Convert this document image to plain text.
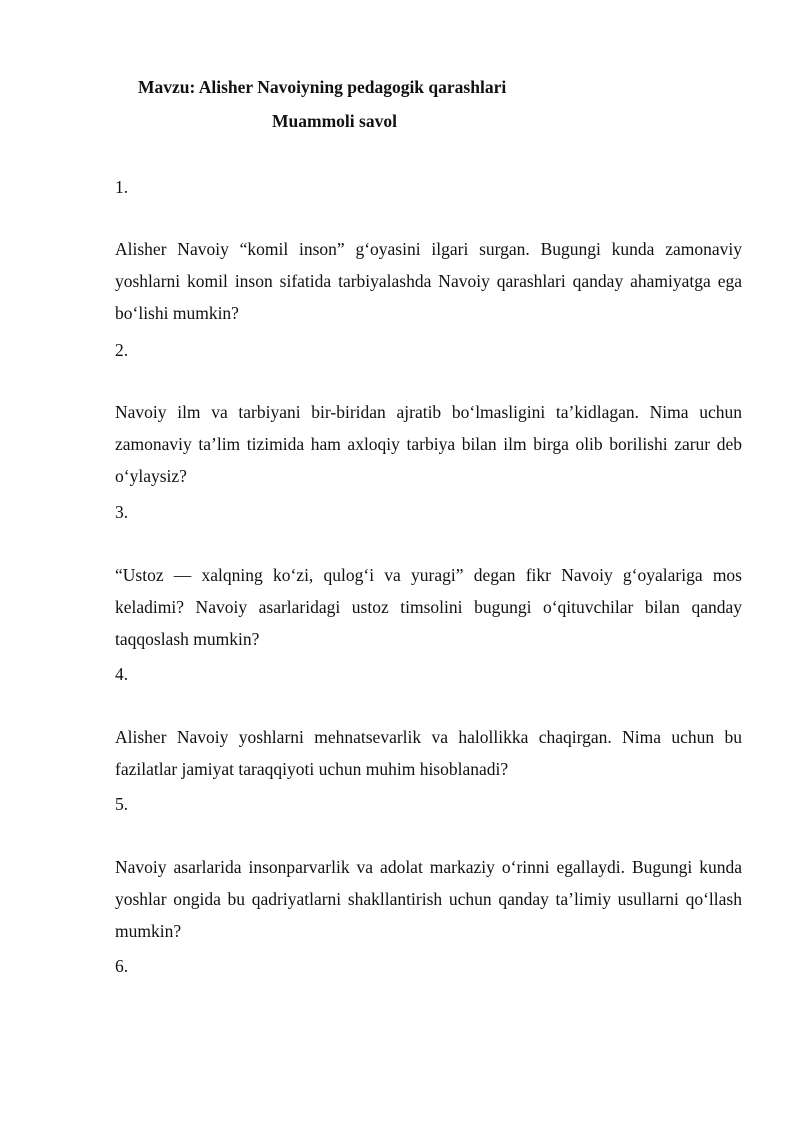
Mavzu: Alisher Navoiyning pedagogik qarashlari
Muammoli savol
1.
Alisher Navoiy “komil inson” g‘oyasini ilgari surgan. Bugungi kunda zamonaviy yoshlarni komil inson sifatida tarbiyalashda Navoiy qarashlari qanday ahamiyatga ega bo‘lishi mumkin?
2.
Navoiy ilm va tarbiyani bir-biridan ajratib bo‘lmasligini ta’kidlagan. Nima uchun zamonaviy ta’lim tizimida ham axloqiy tarbiya bilan ilm birga olib borilishi zarur deb o‘ylaysiz?
3.
“Ustoz — xalqning ko‘zi, qulog‘i va yuragi” degan fikr Navoiy g‘oyalariga mos keladimi? Navoiy asarlaridagi ustoz timsolini bugungi o‘qituvchilar bilan qanday taqqoslash mumkin?
4.
Alisher Navoiy yoshlarni mehnatsevarlik va halollikka chaqirgan. Nima uchun bu fazilatlar jamiyat taraqqiyoti uchun muhim hisoblanadi?
5.
Navoiy asarlarida insonparvarlik va adolat markaziy o‘rinni egallaydi. Bugungi kunda yoshlar ongida bu qadriyatlarni shakllantirish uchun qanday ta’limiy usullarni qo‘llash mumkin?
6.
